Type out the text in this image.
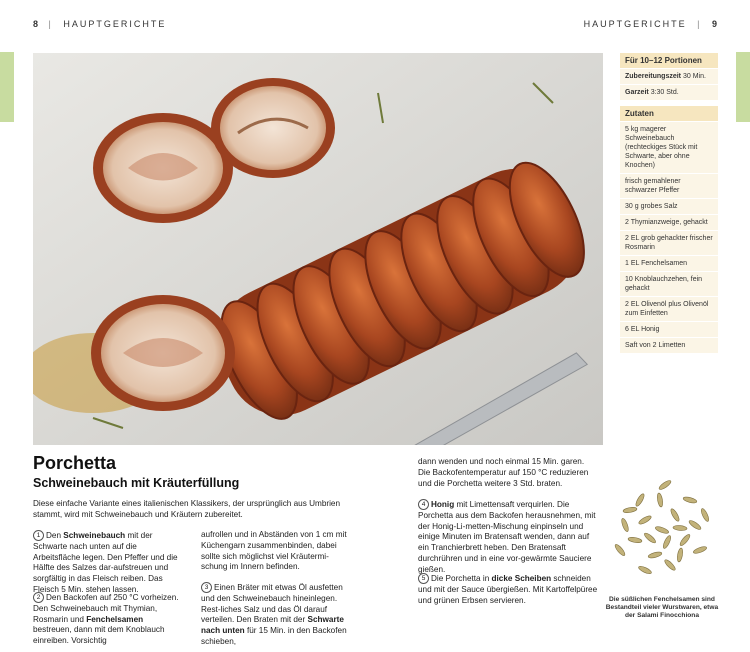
8 | HAUPTGERICHTE	HAUPTGERICHTE | 9
Für 10–12 Portionen
Zubereitungszeit 30 Min.
Garzeit 3:30 Std.
Zutaten
5 kg magerer Schweinebauch (rechteckiges Stück mit Schwarte, aber ohne Knochen)
frisch gemahlener schwarzer Pfeffer
30 g grobes Salz
2 Thymianzweige, gehackt
2 EL grob gehackter frischer Rosmarin
1 EL Fenchelsamen
10 Knoblauchzehen, fein gehackt
2 EL Olivenöl plus Olivenöl zum Einfetten
6 EL Honig
Saft von 2 Limetten
Porchetta
Schweinebauch mit Kräuterfüllung
Diese einfache Variante eines italienischen Klassikers, der ursprünglich aus Umbrien stammt, wird mit Schweinebauch und Kräutern zubereitet.
1 Den Schweinebauch mit der Schwarte nach unten auf die Arbeitsfläche legen. Den Pfeffer und die Hälfte des Salzes dar-aufstreuen und sorgfältig in das Fleisch reiben. Das Fleisch 5 Min. stehen lassen.
2 Den Backofen auf 250 °C vorheizen. Den Schweinebauch mit Thymian, Rosmarin und Fenchelsamen bestreuen, dann mit dem Knoblauch einreiben. Vorsichtig
aufrollen und in Abständen von 1 cm mit Küchengarn zusammenbinden, dabei sollte sich möglichst viel Kräutermi-schung im Innern befinden.
3 Einen Bräter mit etwas Öl ausfetten und den Schweinebauch hineinlegen. Rest-liches Salz und das Öl darauf verteilen. Den Braten mit der Schwarte nach unten für 15 Min. in den Backofen schieben,
dann wenden und noch einmal 15 Min. garen. Die Backofentemperatur auf 150 °C reduzieren und die Porchetta weitere 3 Std. braten.
4 Honig mit Limettensaft verquirlen. Die Porchetta aus dem Backofen herausnehmen, mit der Honig-Li-metten-Mischung einpinseln und einige Minuten im Bratensaft wenden, dann auf ein Tranchierbrett heben. Den Bratensaft durchrühren und in eine vor-gewärmte Sauciere gießen.
5 Die Porchetta in dicke Scheiben schneiden und mit der Sauce übergießen. Mit Kartoffelpüree und grünen Erbsen servieren.	Die süßlichen Fenchelsamen sind Bestandteil vieler Wurstwaren, etwa der Salami Finocchiona
